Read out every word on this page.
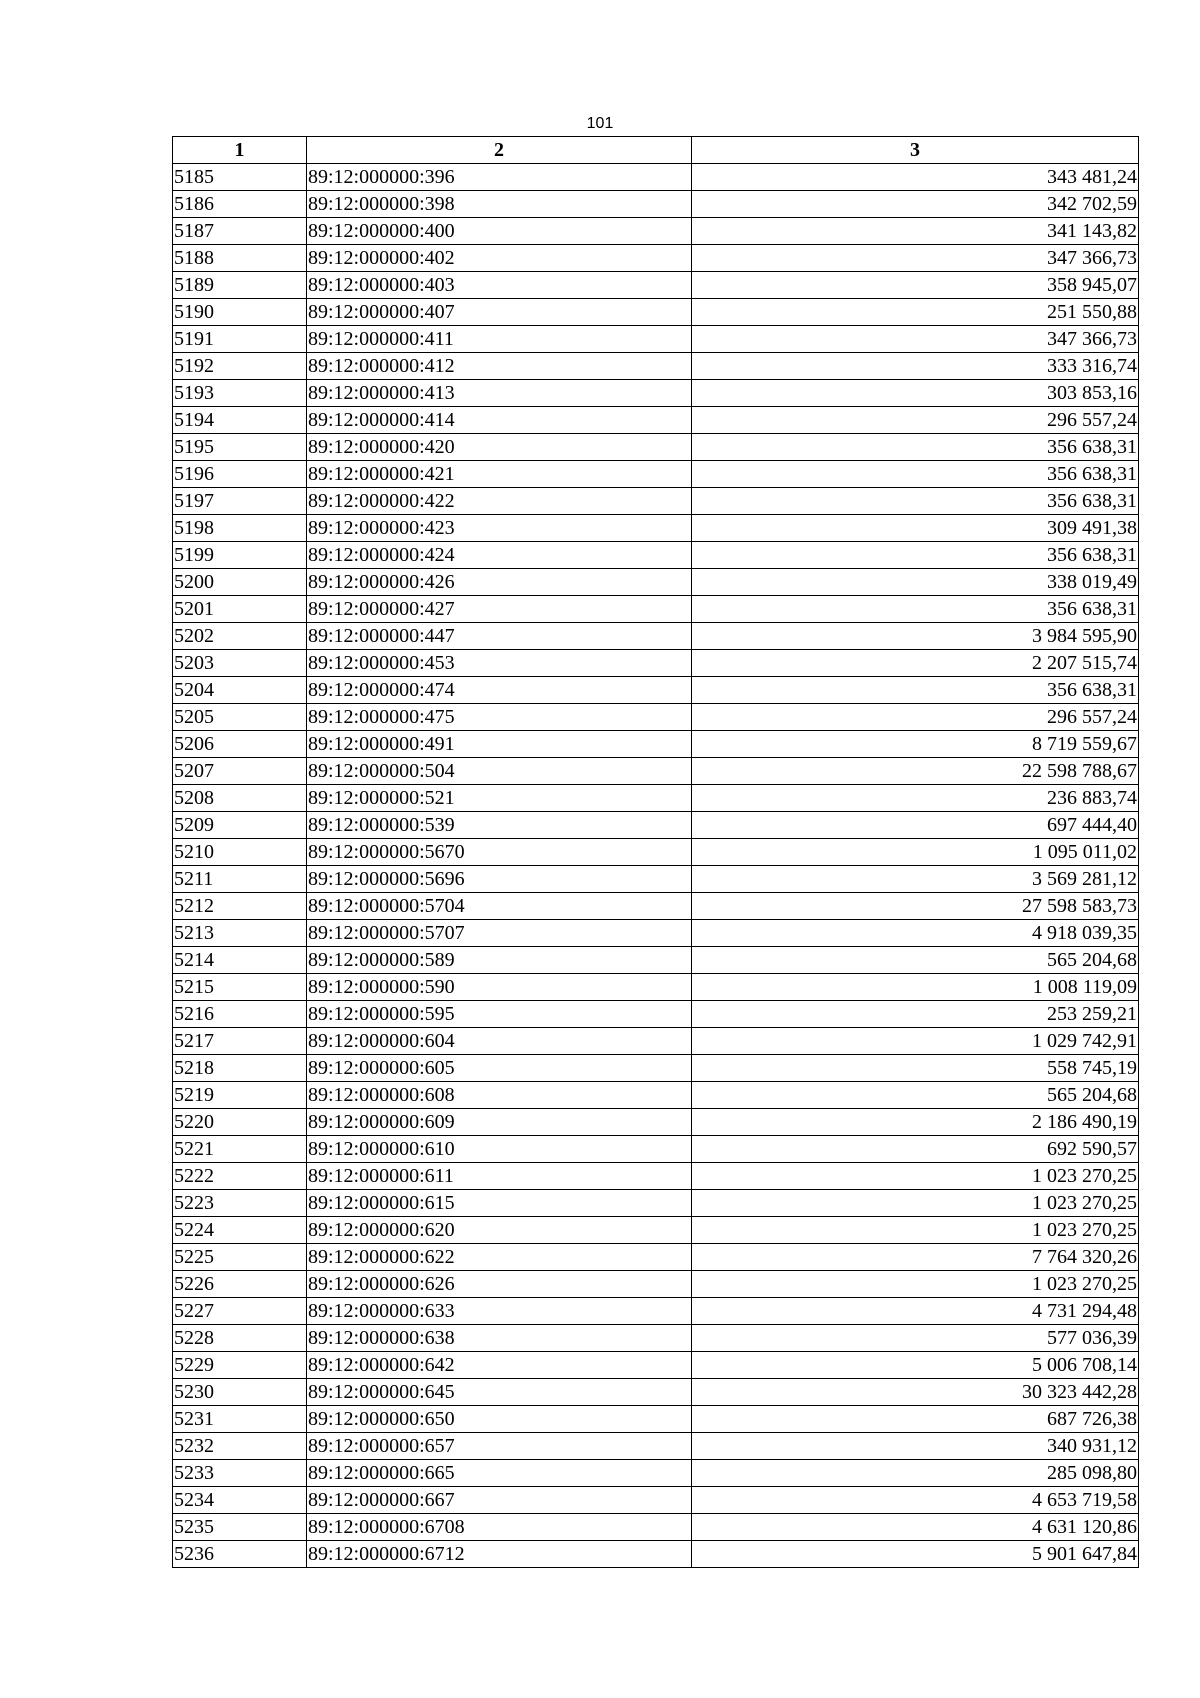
101
1	2	3
5185	89:12:000000:396	343 481,24
5186	89:12:000000:398	342 702,59
5187	89:12:000000:400	341 143,82
5188	89:12:000000:402	347 366,73
5189	89:12:000000:403	358 945,07
5190	89:12:000000:407	251 550,88
5191	89:12:000000:411	347 366,73
5192	89:12:000000:412	333 316,74
5193	89:12:000000:413	303 853,16
5194	89:12:000000:414	296 557,24
5195	89:12:000000:420	356 638,31
5196	89:12:000000:421	356 638,31
5197	89:12:000000:422	356 638,31
5198	89:12:000000:423	309 491,38
5199	89:12:000000:424	356 638,31
5200	89:12:000000:426	338 019,49
5201	89:12:000000:427	356 638,31
5202	89:12:000000:447	3 984 595,90
5203	89:12:000000:453	2 207 515,74
5204	89:12:000000:474	356 638,31
5205	89:12:000000:475	296 557,24
5206	89:12:000000:491	8 719 559,67
5207	89:12:000000:504	22 598 788,67
5208	89:12:000000:521	236 883,74
5209	89:12:000000:539	697 444,40
5210	89:12:000000:5670	1 095 011,02
5211	89:12:000000:5696	3 569 281,12
5212	89:12:000000:5704	27 598 583,73
5213	89:12:000000:5707	4 918 039,35
5214	89:12:000000:589	565 204,68
5215	89:12:000000:590	1 008 119,09
5216	89:12:000000:595	253 259,21
5217	89:12:000000:604	1 029 742,91
5218	89:12:000000:605	558 745,19
5219	89:12:000000:608	565 204,68
5220	89:12:000000:609	2 186 490,19
5221	89:12:000000:610	692 590,57
5222	89:12:000000:611	1 023 270,25
5223	89:12:000000:615	1 023 270,25
5224	89:12:000000:620	1 023 270,25
5225	89:12:000000:622	7 764 320,26
5226	89:12:000000:626	1 023 270,25
5227	89:12:000000:633	4 731 294,48
5228	89:12:000000:638	577 036,39
5229	89:12:000000:642	5 006 708,14
5230	89:12:000000:645	30 323 442,28
5231	89:12:000000:650	687 726,38
5232	89:12:000000:657	340 931,12
5233	89:12:000000:665	285 098,80
5234	89:12:000000:667	4 653 719,58
5235	89:12:000000:6708	4 631 120,86
5236	89:12:000000:6712	5 901 647,84
